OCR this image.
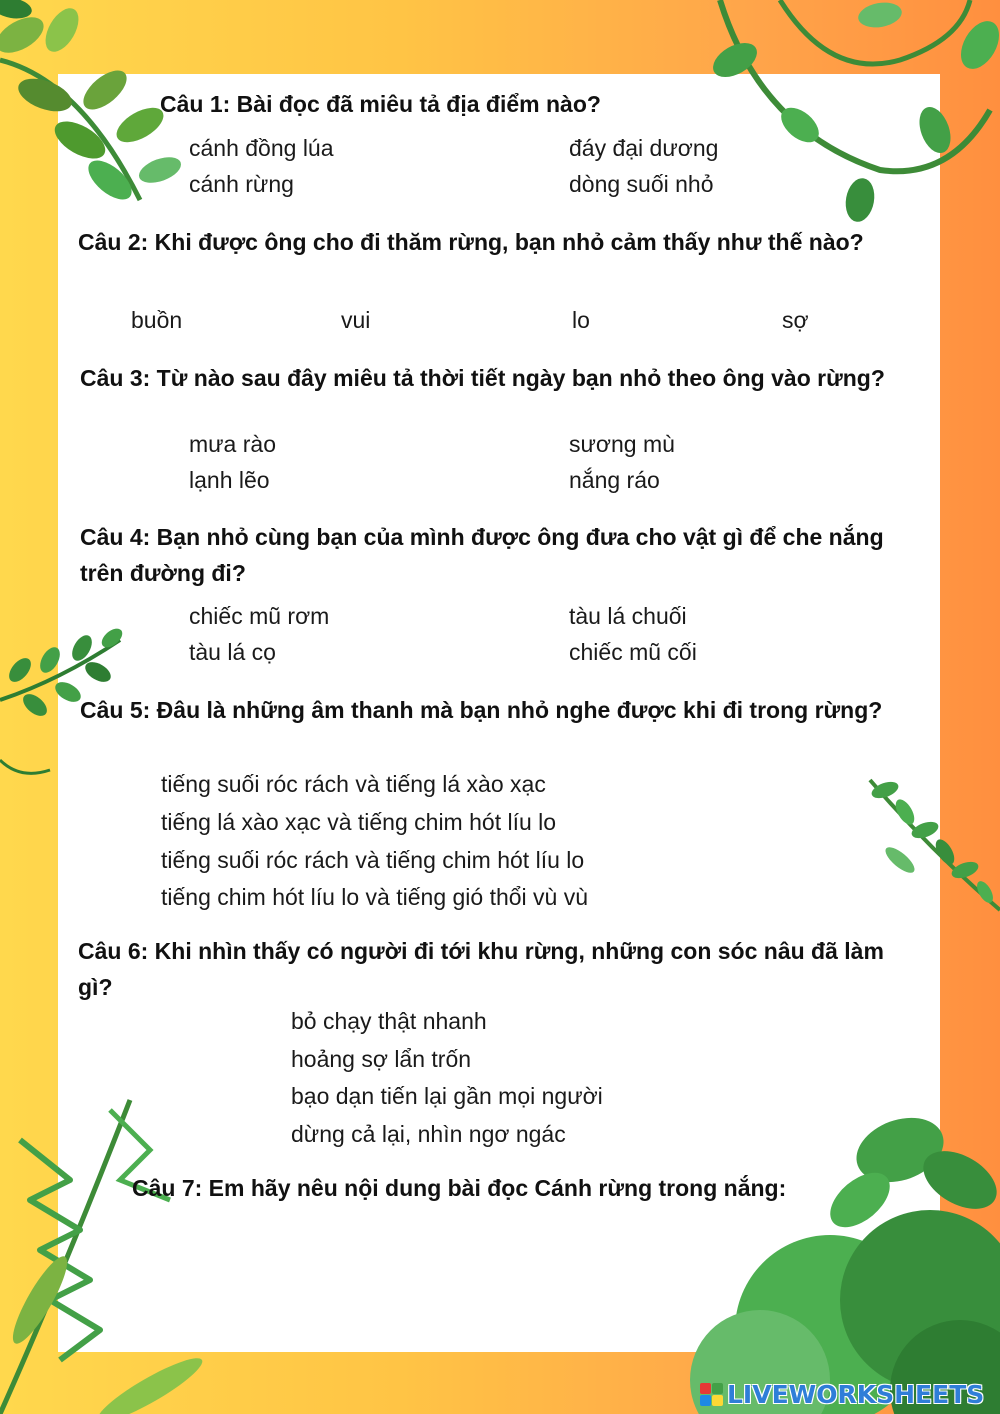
Câu 1: Bài đọc đã miêu tả địa điểm nào?
cánh đồng lúa	đáy đại dương
cánh rừng	dòng suối nhỏ
Câu 2: Khi được ông cho đi thăm rừng, bạn nhỏ cảm thấy như thế nào?
buồn	vui	lo	sợ
Câu 3: Từ nào sau đây miêu tả thời tiết ngày bạn nhỏ theo ông vào rừng?
mưa rào	sương mù
lạnh lẽo	nắng ráo
Câu 4: Bạn nhỏ cùng bạn của mình được ông đưa cho vật gì để che nắng trên đường đi?
chiếc mũ rơm	tàu lá chuối
tàu lá cọ	chiếc mũ cối
Câu 5: Đâu là những âm thanh mà bạn nhỏ nghe được khi đi trong rừng?
tiếng suối róc rách và tiếng lá xào xạc
tiếng lá xào xạc và tiếng chim hót líu lo
tiếng suối róc rách và tiếng chim hót líu lo
tiếng chim hót líu lo và tiếng gió thổi vù vù
Câu 6: Khi nhìn thấy có người đi tới khu rừng, những con sóc nâu đã làm gì?
bỏ chạy thật nhanh
hoảng sợ lẩn trốn
bạo dạn tiến lại gần mọi người
dừng cả lại, nhìn ngơ ngác
Câu 7: Em hãy nêu nội dung bài đọc Cánh rừng trong nắng:
LIVEWORKSHEETS
